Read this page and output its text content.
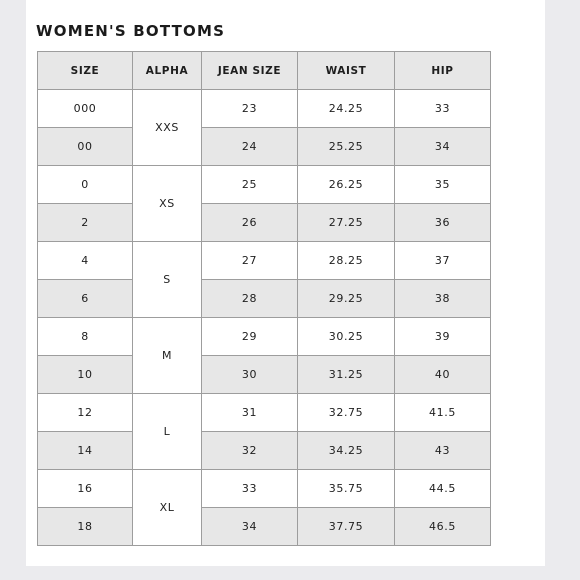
WOMEN'S BOTTOMS
SIZE	ALPHA	JEAN SIZE	WAIST	HIP
000	XXS	23	24.25	33
00		24	25.25	34
0	XS	25	26.25	35
2		26	27.25	36
4	S	27	28.25	37
6		28	29.25	38
8	M	29	30.25	39
10		30	31.25	40
12	L	31	32.75	41.5
14		32	34.25	43
16	XL	33	35.75	44.5
18		34	37.75	46.5
